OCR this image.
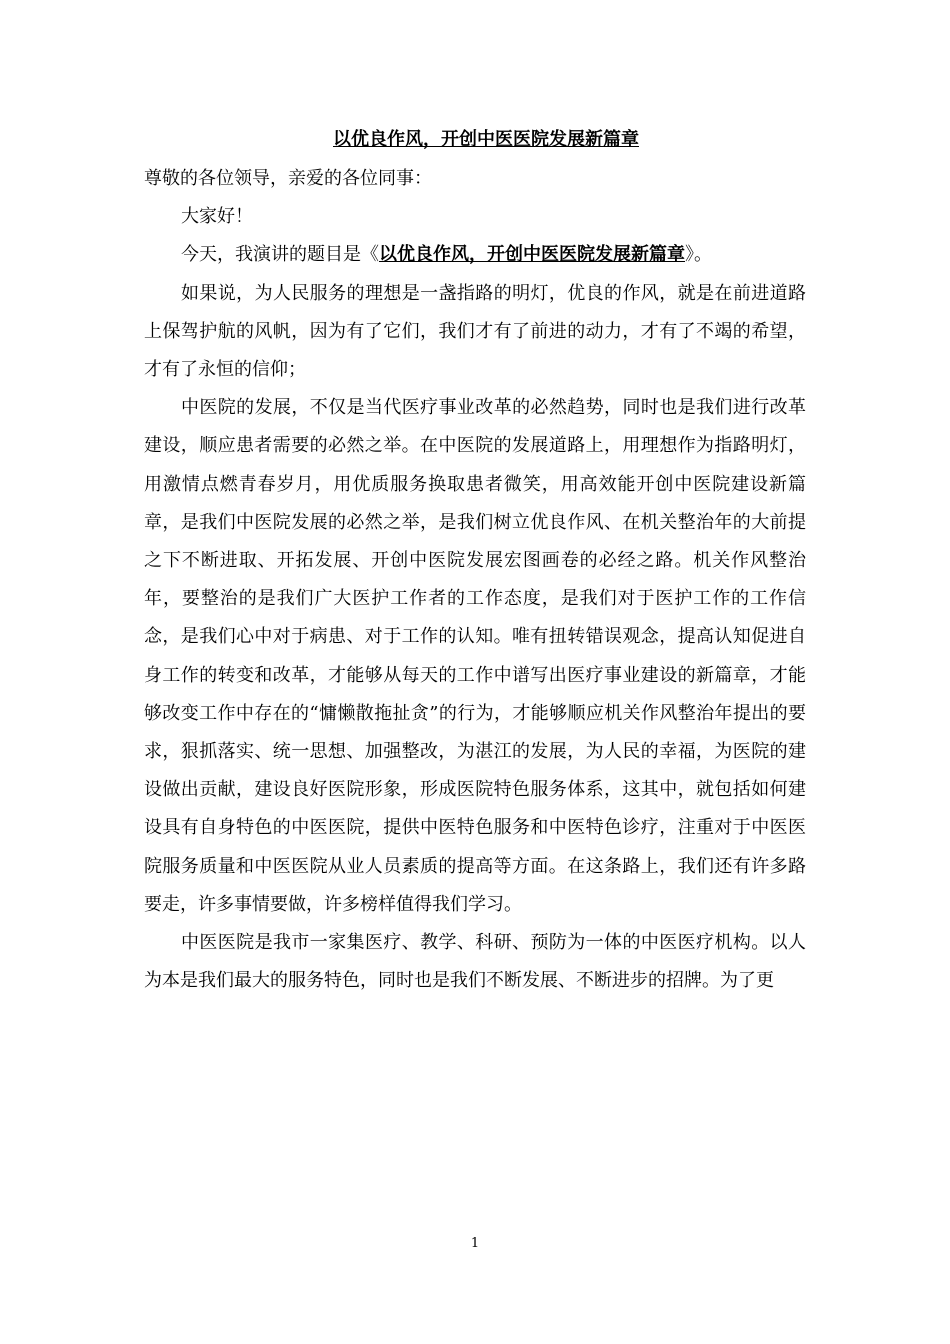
以优良作风，开创中医医院发展新篇章

尊敬的各位领导，亲爱的各位同事：

大家好！

今天，我演讲的题目是《以优良作风，开创中医医院发展新篇章》。

如果说，为人民服务的理想是一盏指路的明灯，优良的作风，就是在前进道路上保驾护航的风帆，因为有了它们，我们才有了前进的动力，才有了不竭的希望，才有了永恒的信仰；

中医院的发展，不仅是当代医疗事业改革的必然趋势，同时也是我们进行改革建设，顺应患者需要的必然之举。在中医院的发展道路上，用理想作为指路明灯，用激情点燃青春岁月，用优质服务换取患者微笑，用高效能开创中医院建设新篇章，是我们中医院发展的必然之举，是我们树立优良作风、在机关整治年的大前提之下不断进取、开拓发展、开创中医院发展宏图画卷的必经之路。机关作风整治年，要整治的是我们广大医护工作者的工作态度，是我们对于医护工作的工作信念，是我们心中对于病患、对于工作的认知。唯有扭转错误观念，提高认知促进自身工作的转变和改革，才能够从每天的工作中谱写出医疗事业建设的新篇章，才能够改变工作中存在的“慵懒散拖扯贪”的行为，才能够顺应机关作风整治年提出的要求，狠抓落实、统一思想、加强整改，为湛江的发展，为人民的幸福，为医院的建设做出贡献，建设良好医院形象，形成医院特色服务体系，这其中，就包括如何建设具有自身特色的中医医院，提供中医特色服务和中医特色诊疗，注重对于中医医院服务质量和中医医院从业人员素质的提高等方面。在这条路上，我们还有许多路要走，许多事情要做，许多榜样值得我们学习。

中医医院是我市一家集医疗、教学、科研、预防为一体的中医医疗机构。以人为本是我们最大的服务特色，同时也是我们不断发展、不断进步的招牌。为了更

1
